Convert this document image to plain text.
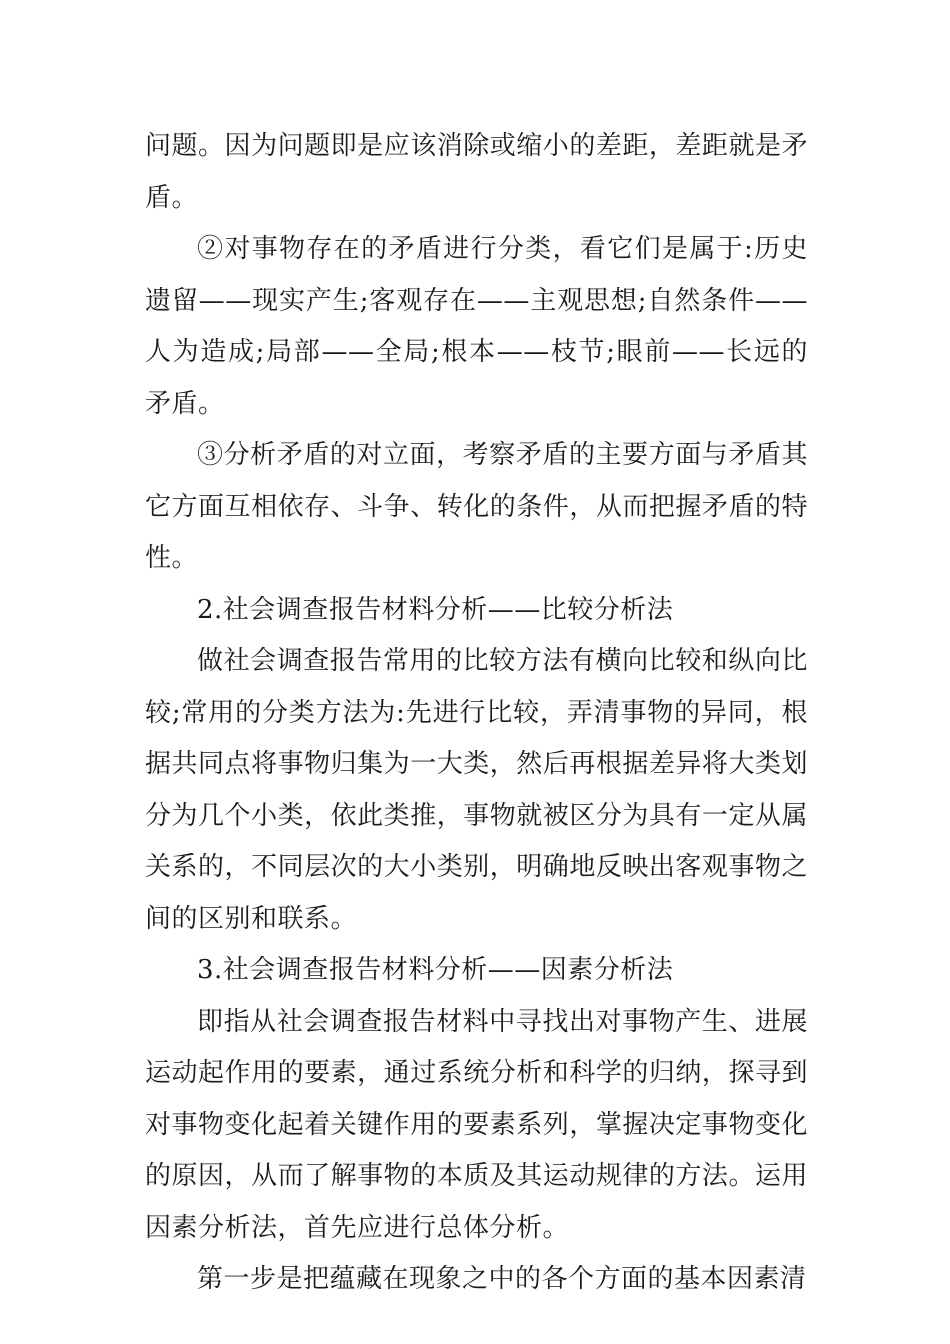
问题。因为问题即是应该消除或缩小的差距，差距就是矛盾。

②对事物存在的矛盾进行分类，看它们是属于:历史遗留——现实产生;客观存在——主观思想;自然条件——人为造成;局部——全局;根本——枝节;眼前——长远的矛盾。

③分析矛盾的对立面，考察矛盾的主要方面与矛盾其它方面互相依存、斗争、转化的条件，从而把握矛盾的特性。

2.社会调查报告材料分析——比较分析法

做社会调查报告常用的比较方法有横向比较和纵向比较;常用的分类方法为:先进行比较，弄清事物的异同，根据共同点将事物归集为一大类，然后再根据差异将大类划分为几个小类，依此类推，事物就被区分为具有一定从属关系的，不同层次的大小类别，明确地反映出客观事物之间的区别和联系。

3.社会调查报告材料分析——因素分析法

即指从社会调查报告材料中寻找出对事物产生、进展运动起作用的要素，通过系统分析和科学的归纳，探寻到对事物变化起着关键作用的要素系列，掌握决定事物变化的原因，从而了解事物的本质及其运动规律的方法。运用因素分析法，首先应进行总体分析。

第一步是把蕴藏在现象之中的各个方面的基本因素清
